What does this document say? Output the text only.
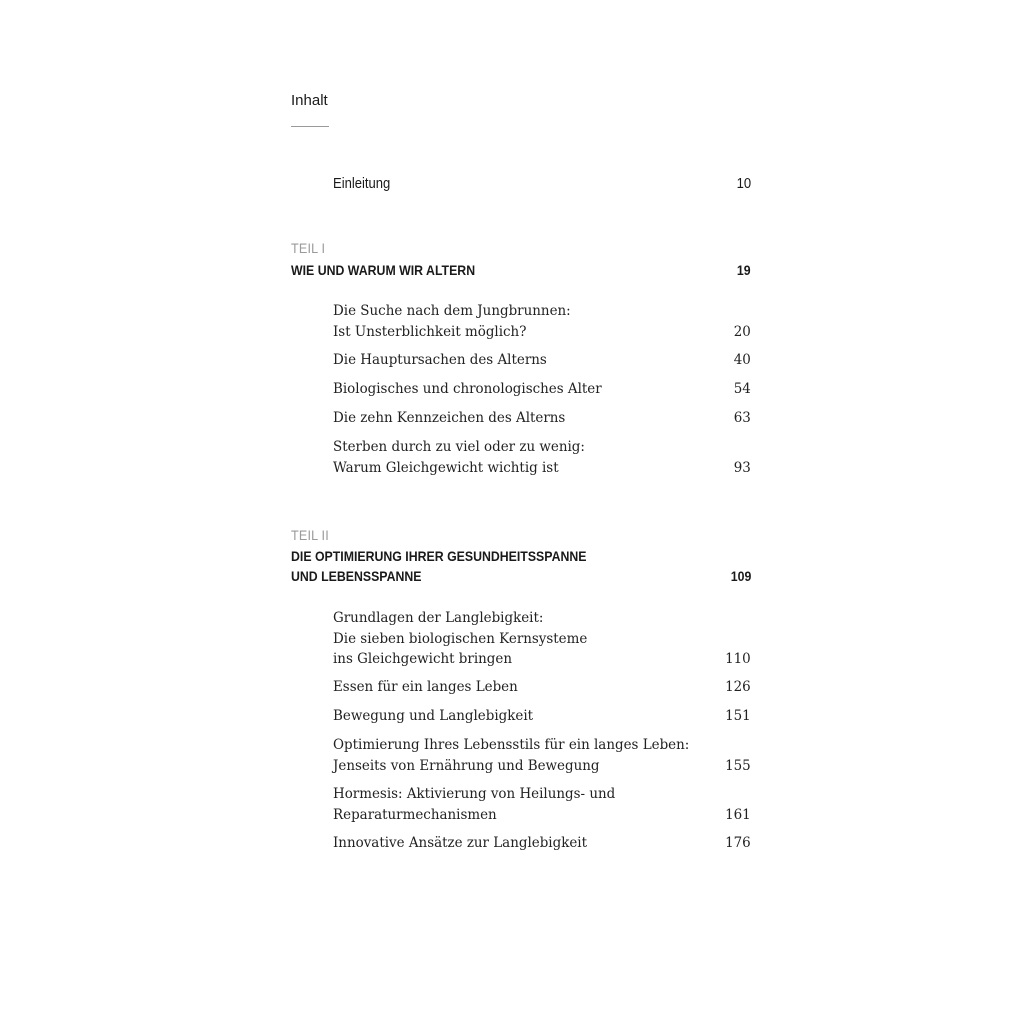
Inhalt
Einleitung	10
TEIL I
WIE UND WARUM WIR ALTERN	19
Die Suche nach dem Jungbrunnen:
Ist Unsterblichkeit möglich?	20
Die Hauptursachen des Alterns	40
Biologisches und chronologisches Alter	54
Die zehn Kennzeichen des Alterns	63
Sterben durch zu viel oder zu wenig:
Warum Gleichgewicht wichtig ist	93
TEIL II
DIE OPTIMIERUNG IHRER GESUNDHEITSSPANNE
UND LEBENSSPANNE	109
Grundlagen der Langlebigkeit:
Die sieben biologischen Kernsysteme
ins Gleichgewicht bringen	110
Essen für ein langes Leben	126
Bewegung und Langlebigkeit	151
Optimierung Ihres Lebensstils für ein langes Leben:
Jenseits von Ernährung und Bewegung	155
Hormesis: Aktivierung von Heilungs- und
Reparaturmechanismen	161
Innovative Ansätze zur Langlebigkeit	176
